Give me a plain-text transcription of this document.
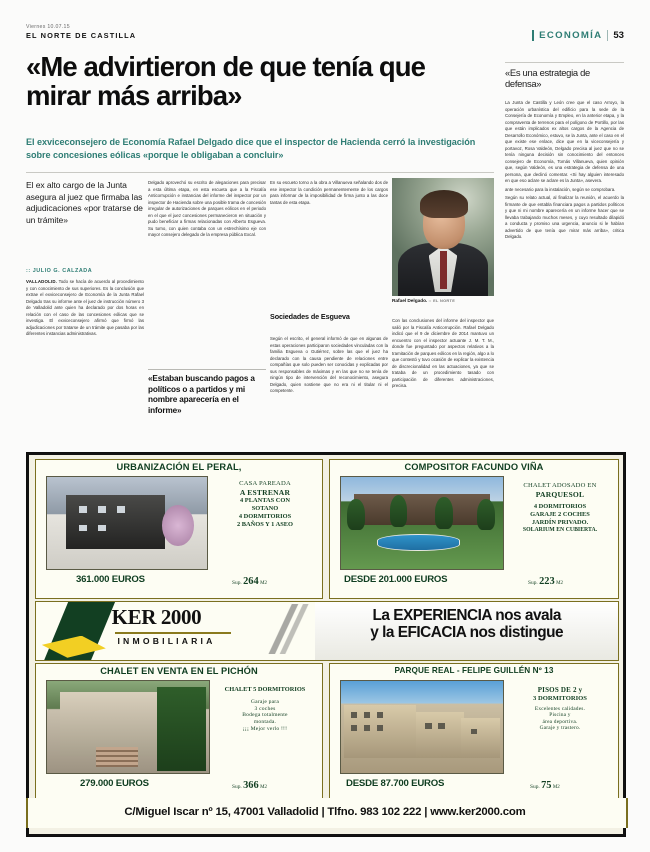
Viernes 10.07.15
EL NORTE DE CASTILLA	ECONOMÍA 53
«Me advirtieron de que tenía que mirar más arriba»
El exviceconsejero de Economía Rafael Delgado dice que el inspector de Hacienda cerró la investigación sobre concesiones eólicas «porque le obligaban a concluir»
El ex alto cargo de la Junta asegura al juez que firmaba las adjudicaciones «por tratarse de un trámite»
:: JULIO G. CALZADA

VALLADOLID. Todo se hacía de acuerdo al procedimiento y con conocimiento de sus superiores. Es la conclusión que extrae el exviceconsejero de Economía de la Junta Rafael Delgado tras su informe ante el juez de instrucción número 3 de Valladolid ante quien ha declarado por dos horas en relación con el caso de las concesiones eólicas que se investiga. El exviceconsejero afirmó que firmó las adjudicaciones por tratarse de un trámite que pasaba por las diferentes instancias administrativas.

Delgado aprovechó su escrito de alegaciones para precisar a esta última etapa, en esta escueta que a la Fiscalía Anticorrupción e instancias del informe del inspector por un inspector de Hacienda sobre una posible trama de concesión irregular de autorizaciones de parques eólicos en el periodo en el que el juez concesiones permanecieron en situación y pudo beneficiar a firmas relacionadas con Alberto Esgueva. Su turno, con quien contaba con un estrechísimo eje con mayor consejero delegado de la empresa pública Excal.

En su escueto torno a la obra a Villanueva señalando dos de ese inspector la condición permanentemente de los cargos para informar de la imposibilidad de firma junto a las doce tantas de esta etapa.

Sociedades de Esgueva

Según el escrito, el general informó de que en algunas de estas operaciones participaron sociedades vinculadas con la familia Esgueva o Gutiérrez, sobre las que el juez ha declarado con la causa pendiente de relaciones entre compañías que solo pueden ser conocidas y explicadas por sus responsables de máximas y en las que no se tenía de ningún tipo de intervención del reconocimiento, asegura Delgado, quien sostiene que no era ni el titular ni el competente.

Con las conclusiones del informe del inspector que salió por la Fiscalía Anticorrupción. Rafael Delgado indicó que el 9 de diciembre de 2014 mantuvo un encuentro con el inspector actuante J. M. T. M., donde fue preguntado por aspectos relativos a la tramitación de parques eólicos en la región, algo a lo que contestó y tuvo ocasión de explicar la existencia de discrecionalidad en las actuaciones, ya que se trataba de un procedimiento tasado con participación de diferentes administraciones, precisa.

«Estaban buscando pagos a políticos o a partidos y mi nombre aparecería en el informe»
Rafael Delgado. :: EL NORTE
«Es una estrategia de defensa»

La Junta de Castilla y León cree que el caso Arroyo, la operación urbanística del edificio para la sede de la Consejería de Economía y Empleo, en la anterior etapa, y la compraventa de terrenos para el polígono de Portillo, por las que están implicados ex altos cargos de la Agencia de Desarrollo Económico, estuvo, se la Junta, ante el caso en el que existe ese enlace, dice que en la viceconsejería y portavoz, Rosa Valdeón, Delgado precisa al juez que no se tenía ninguna decisión sin conocimiento del entonces consejero de Economía, Tomás Villanueva, quien opinión que, según Valdeón, es una estrategia de defensa de una persona, que declinó comentar. «Si hay alguien interesado en que eso aclare se aclare es la Junta», asevera.

ante necesario para la instalación, según se comprobara.

Según su relato actual, al finalizar la reunión, el acuerdo la firmante de que entabla financiara pagos a partidos políticos y que ni mi nombre aparecería en un informe hacer que se llevaba trabajando muchos meses, y cuyo resultado dilapidó a conducta y promiso una urgencia, anuncio si le habían advertido de que tenía que mirar más arriba», critica Delgado.

URBANIZACIÓN EL PERAL,
CASA PAREADA
A ESTRENAR
4 PLANTAS CON
SOTANO
4 DORMITORIOS
2 BAÑOS Y 1 ASEO
361.000 EUROS	Sup. 264 M2
COMPOSITOR FACUNDO VIÑA
CHALET ADOSADO EN
PARQUESOL
4 DORMITORIOS
GARAJE 2 COCHES
JARDÍN PRIVADO.
SOLARIUM EN CUBIERTA.
DESDE 201.000 EUROS	Sup. 223 M2
KER 2000
INMOBILIARIA
La EXPERIENCIA nos avala
y la EFICACIA nos distingue
CHALET EN VENTA EN EL PICHÓN
CHALET 5 DORMITORIOS
Garaje para
3 coches
Bodega totalmente
montada.
¡¡¡ Mejor verlo !!!
279.000 EUROS	Sup. 366 M2
PARQUE REAL - FELIPE GUILLÉN Nº 13
PISOS DE 2 y
3 DORMITORIOS
Excelentes calidades.
Piscina y
área deportiva.
Garaje y trastero.
DESDE 87.700 EUROS	Sup. 75 M2
C/Miguel Iscar nº 15, 47001 Valladolid | Tlfno. 983 102 222 | www.ker2000.com
